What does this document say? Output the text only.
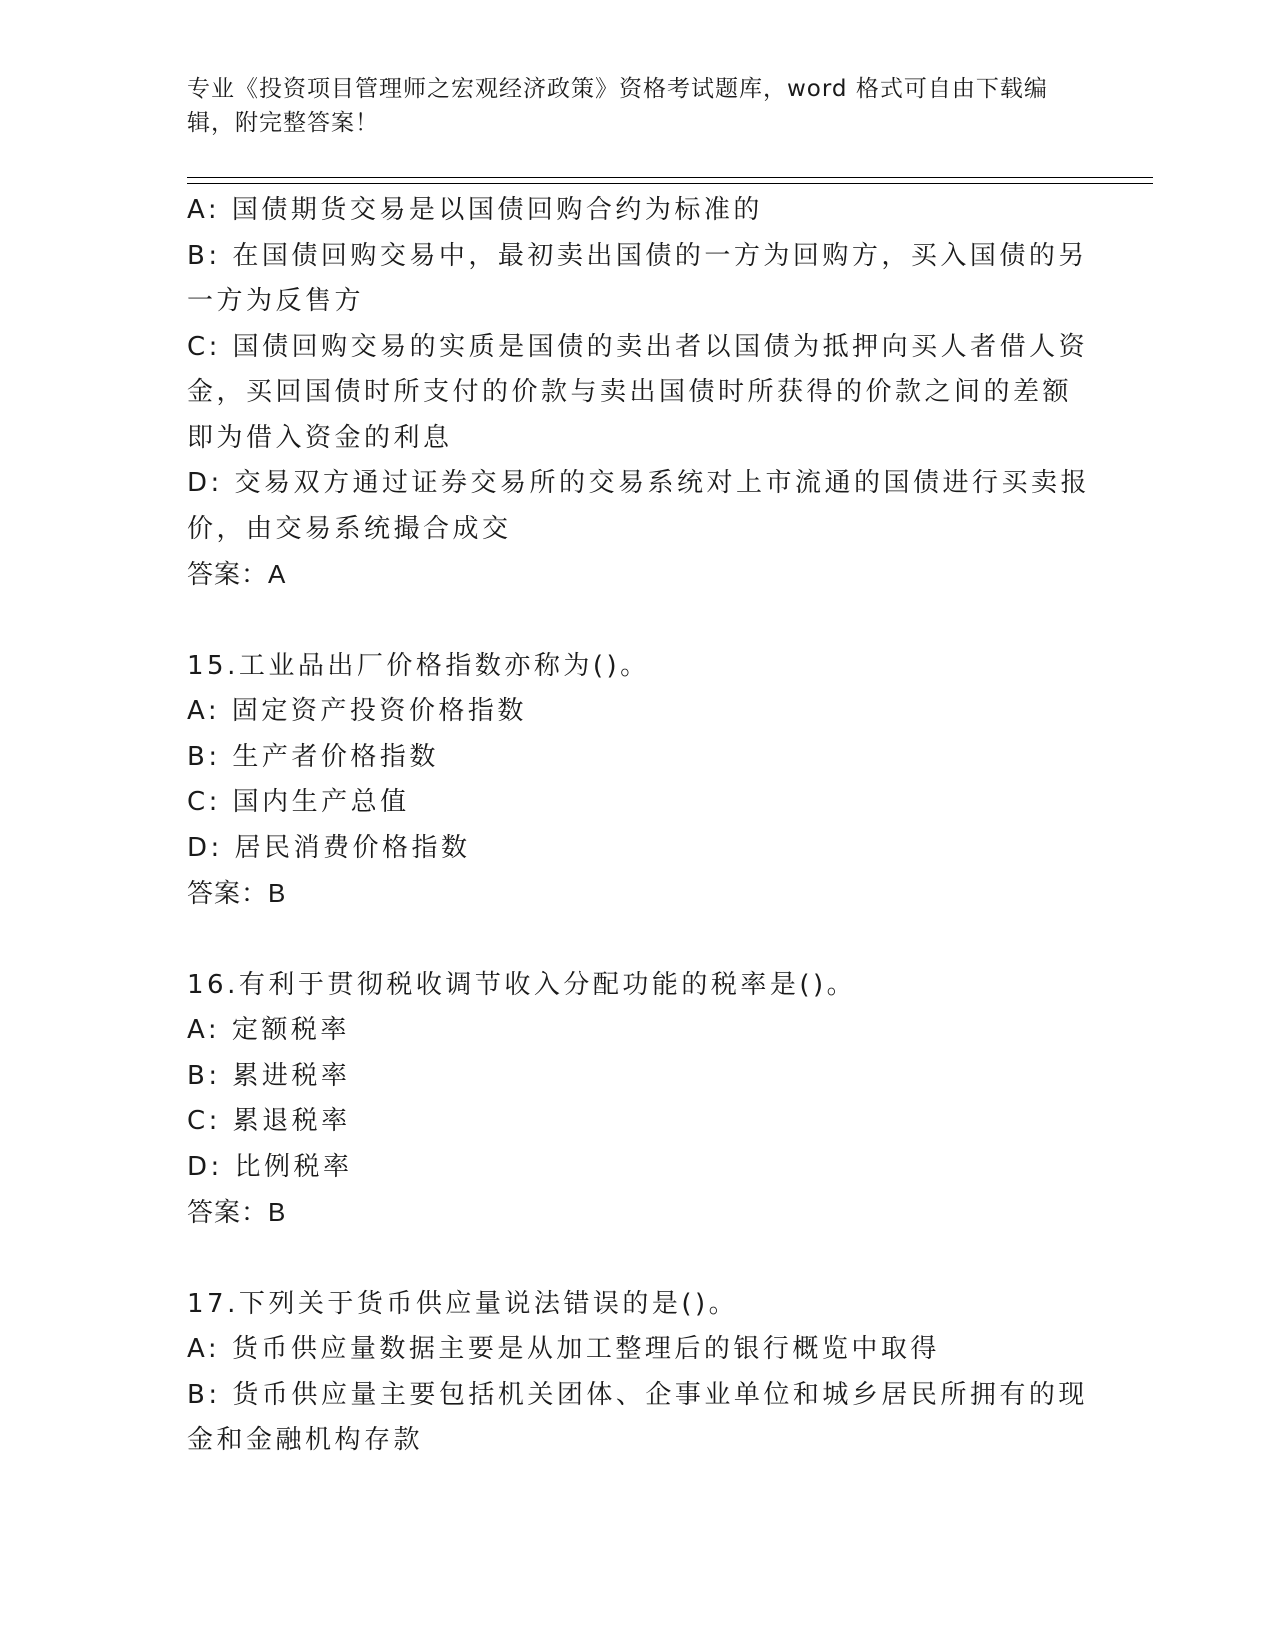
专业《投资项目管理师之宏观经济政策》资格考试题库，word 格式可自由下载编
辑，附完整答案！
A: 国债期货交易是以国债回购合约为标准的
B: 在国债回购交易中，最初卖出国债的一方为回购方，买入国债的另
一方为反售方
C: 国债回购交易的实质是国债的卖出者以国债为抵押向买人者借人资
金，买回国债时所支付的价款与卖出国债时所获得的价款之间的差额
即为借入资金的利息
D: 交易双方通过证券交易所的交易系统对上市流通的国债进行买卖报
价，由交易系统撮合成交
答案：A
15.工业品出厂价格指数亦称为()。
A: 固定资产投资价格指数
B: 生产者价格指数
C: 国内生产总值
D: 居民消费价格指数
答案：B
16.有利于贯彻税收调节收入分配功能的税率是()。
A: 定额税率
B: 累进税率
C: 累退税率
D: 比例税率
答案：B
17.下列关于货币供应量说法错误的是()。
A: 货币供应量数据主要是从加工整理后的银行概览中取得
B: 货币供应量主要包括机关团体、企事业单位和城乡居民所拥有的现
金和金融机构存款
